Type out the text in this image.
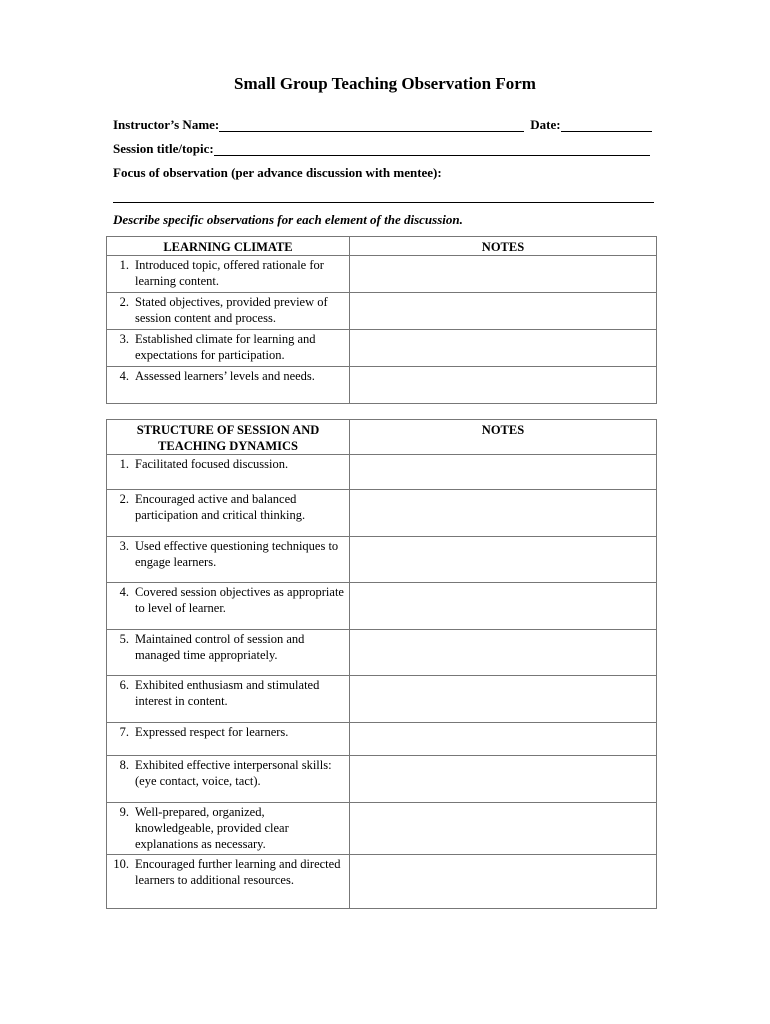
Small Group Teaching Observation Form
Instructor’s Name:	Date:
Session title/topic:
Focus of observation (per advance discussion with mentee):
Describe specific observations for each element of the discussion.
LEARNING CLIMATE	NOTES

1. Introduced topic, offered rationale for learning content.	

2. Stated objectives, provided preview of session content and process.	

3. Established climate for learning and expectations for participation.	

4. Assessed learners’ levels and needs.	

STRUCTURE OF SESSION AND TEACHING DYNAMICS	NOTES

1. Facilitated focused discussion.	

2. Encouraged active and balanced participation and critical thinking.	

3. Used effective questioning techniques to engage learners.	

4. Covered session objectives as appropriate to level of learner.	

5. Maintained control of session and managed time appropriately.	

6. Exhibited enthusiasm and stimulated interest in content.	

7. Expressed respect for learners.	

8. Exhibited effective interpersonal skills: (eye contact, voice, tact).	

9. Well-prepared, organized, knowledgeable, provided clear explanations as necessary.	

10. Encouraged further learning and directed learners to additional resources.	
